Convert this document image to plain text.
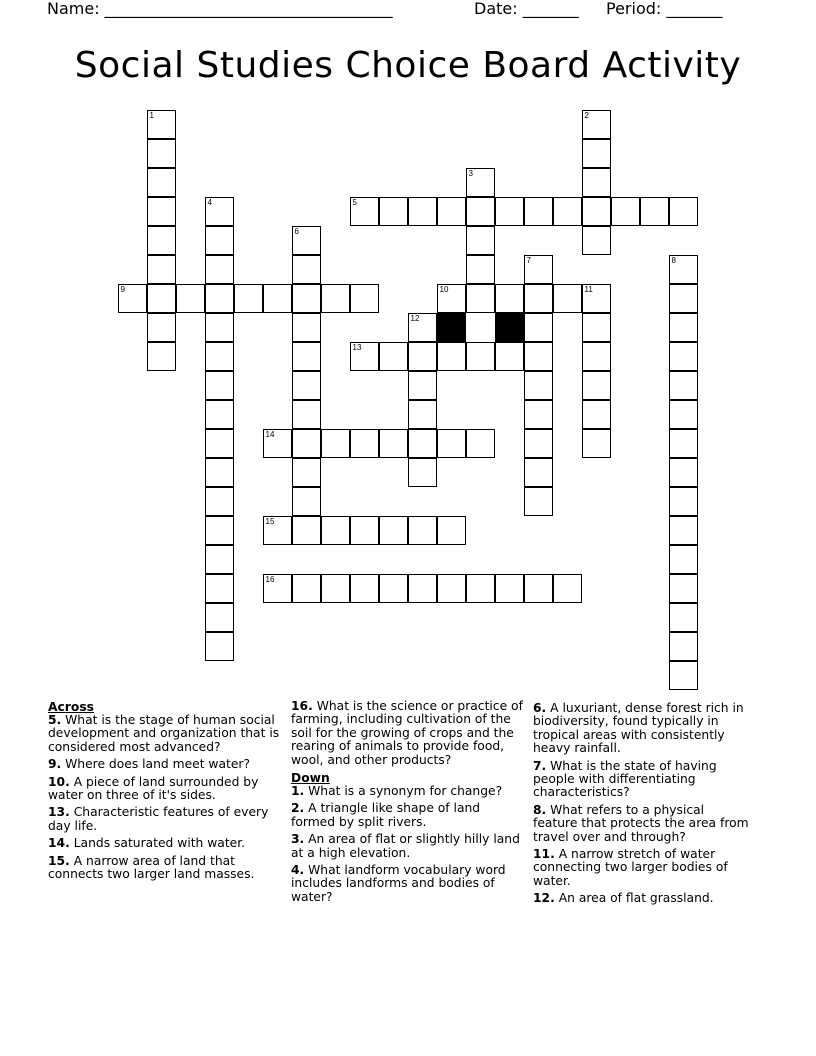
Name: ____________________________________	Date: _______ Period: _______
Social Studies Choice Board Activity
1	2
3
4	5
6
7	8
9	10	11
12
13
14
15
16
Across
5. What is the stage of human social development and organization that is considered most advanced?
9. Where does land meet water?
10. A piece of land surrounded by water on three of it's sides.
13. Characteristic features of every day life.
14. Lands saturated with water.
15. A narrow area of land that connects two larger land masses.
16. What is the science or practice of farming, including cultivation of the soil for the growing of crops and the rearing of animals to provide food, wool, and other products?
Down
1. What is a synonym for change?
2. A triangle like shape of land formed by split rivers.
3. An area of flat or slightly hilly land at a high elevation.
4. What landform vocabulary word includes landforms and bodies of water?
6. A luxuriant, dense forest rich in biodiversity, found typically in tropical areas with consistently heavy rainfall.
7. What is the state of having people with differentiating characteristics?
8. What refers to a physical feature that protects the area from travel over and through?
11. A narrow stretch of water connecting two larger bodies of water.
12. An area of flat grassland.
